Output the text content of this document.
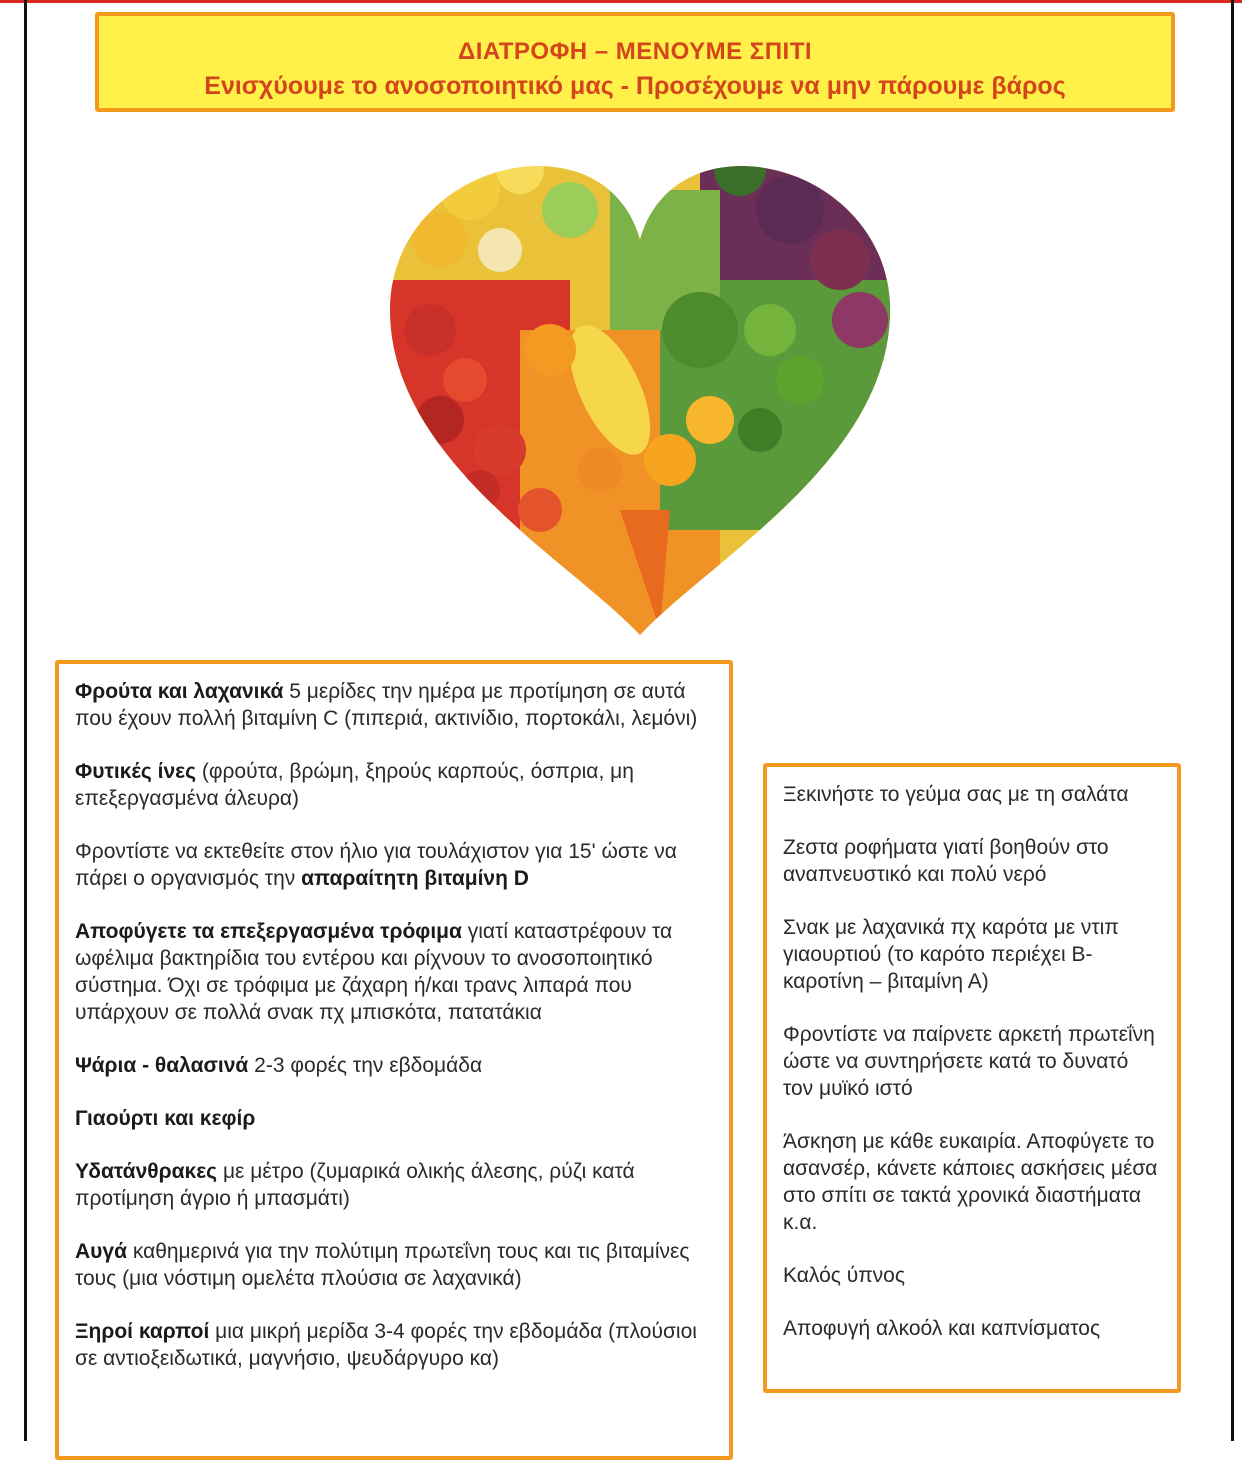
ΔΙΑΤΡΟΦΗ – ΜΕΝΟΥΜΕ ΣΠΙΤΙ
Ενισχύουμε το ανοσοποιητικό μας - Προσέχουμε να μην πάρουμε βάρος

Φρούτα και λαχανικά 5 μερίδες την ημέρα με προτίμηση σε αυτά που έχουν πολλή βιταμίνη C (πιπεριά, ακτινίδιο, πορτοκάλι, λεμόνι)

Φυτικές ίνες (φρούτα, βρώμη, ξηρούς καρπούς, όσπρια, μη επεξεργασμένα άλευρα)

Φροντίστε να εκτεθείτε στον ήλιο για τουλάχιστον για 15' ώστε να πάρει ο οργανισμός την απαραίτητη βιταμίνη D

Αποφύγετε τα επεξεργασμένα τρόφιμα γιατί καταστρέφουν τα ωφέλιμα βακτηρίδια του εντέρου και ρίχνουν το ανοσοποιητικό σύστημα. Όχι σε τρόφιμα με ζάχαρη ή/και τρανς λιπαρά που υπάρχουν σε πολλά σνακ πχ μπισκότα, πατατάκια

Ψάρια - θαλασινά 2-3 φορές την εβδομάδα

Γιαούρτι και κεφίρ

Υδατάνθρακες με μέτρο (ζυμαρικά ολικής άλεσης, ρύζι κατά προτίμηση άγριο ή μπασμάτι)

Αυγά καθημερινά για την πολύτιμη πρωτεΐνη τους και τις βιταμίνες τους (μια νόστιμη ομελέτα πλούσια σε λαχανικά)

Ξηροί καρποί μια μικρή μερίδα 3-4 φορές την εβδομάδα (πλούσιοι σε αντιοξειδωτικά, μαγνήσιο, ψευδάργυρο κα)

Ξεκινήστε το γεύμα σας με τη σαλάτα

Ζεστα ροφήματα γιατί βοηθούν στο αναπνευστικό και πολύ νερό

Σνακ με λαχανικά πχ καρότα με ντιπ γιαουρτιού (το καρότο περιέχει Β-καροτίνη – βιταμίνη Α)

Φροντίστε να παίρνετε αρκετή πρωτεΐνη ώστε να συντηρήσετε κατά το δυνατό τον μυϊκό ιστό

Άσκηση με κάθε ευκαιρία. Αποφύγετε το ασανσέρ, κάνετε κάποιες ασκήσεις μέσα στο σπίτι σε τακτά χρονικά διαστήματα κ.α.

Καλός ύπνος

Αποφυγή αλκοόλ και καπνίσματος
